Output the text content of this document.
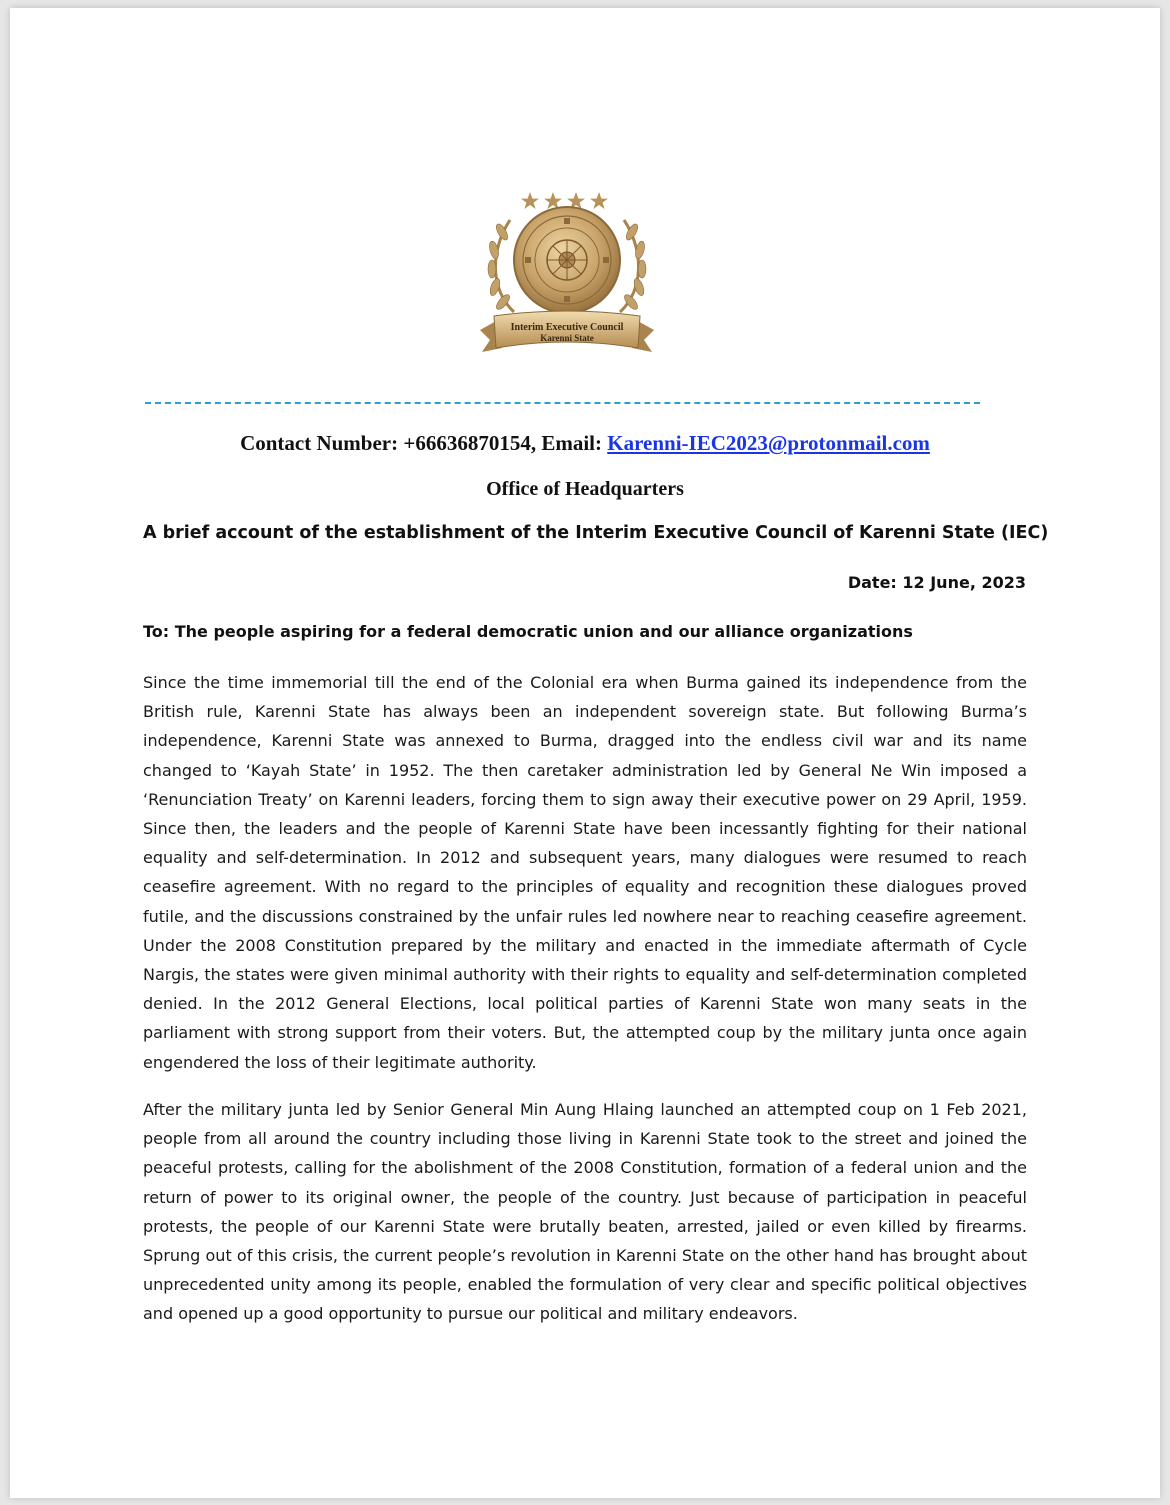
Interim Executive Council
Karenni State
Contact Number: +66636870154, Email: Karenni-IEC2023@protonmail.com
Office of Headquarters
A brief account of the establishment of the Interim Executive Council of Karenni State (IEC)
Date: 12 June, 2023
To: The people aspiring for a federal democratic union and our alliance organizations

Since the time immemorial till the end of the Colonial era when Burma gained its independence from the British rule, Karenni State has always been an independent sovereign state. But following Burma’s independence, Karenni State was annexed to Burma, dragged into the endless civil war and its name changed to ‘Kayah State’ in 1952. The then caretaker administration led by General Ne Win imposed a ‘Renunciation Treaty’ on Karenni leaders, forcing them to sign away their executive power on 29 April, 1959. Since then, the leaders and the people of Karenni State have been incessantly fighting for their national equality and self-determination. In 2012 and subsequent years, many dialogues were resumed to reach ceasefire agreement. With no regard to the principles of equality and recognition these dialogues proved futile, and the discussions constrained by the unfair rules led nowhere near to reaching ceasefire agreement. Under the 2008 Constitution prepared by the military and enacted in the immediate aftermath of Cycle Nargis, the states were given minimal authority with their rights to equality and self-determination completed denied. In the 2012 General Elections, local political parties of Karenni State won many seats in the parliament with strong support from their voters. But, the attempted coup by the military junta once again engendered the loss of their legitimate authority.

After the military junta led by Senior General Min Aung Hlaing launched an attempted coup on 1 Feb 2021, people from all around the country including those living in Karenni State took to the street and joined the peaceful protests, calling for the abolishment of the 2008 Constitution, formation of a federal union and the return of power to its original owner, the people of the country. Just because of participation in peaceful protests, the people of our Karenni State were brutally beaten, arrested, jailed or even killed by firearms. Sprung out of this crisis, the current people’s revolution in Karenni State on the other hand has brought about unprecedented unity among its people, enabled the formulation of very clear and specific political objectives and opened up a good opportunity to pursue our political and military endeavors.
